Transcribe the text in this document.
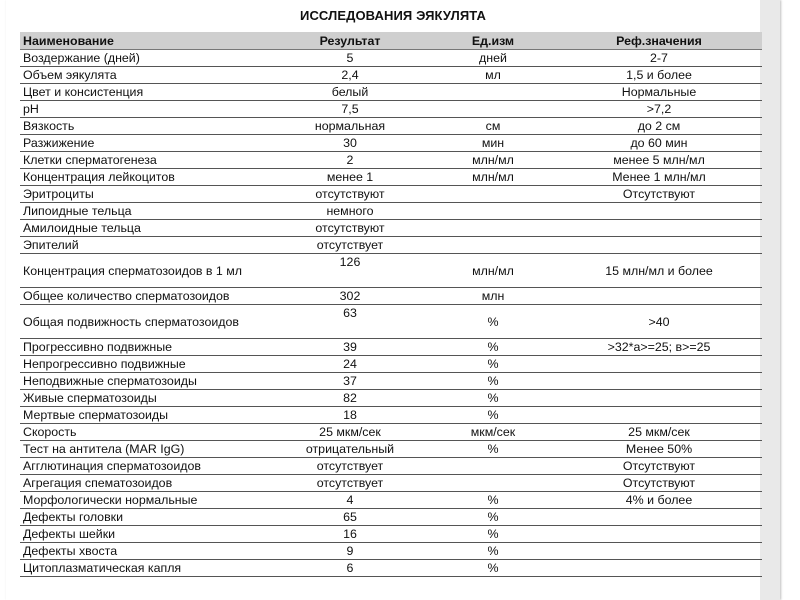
ИССЛЕДОВАНИЯ ЭЯКУЛЯТА
Наименование	Результат	Ед.изм	Реф.значения
Воздержание (дней)	5	дней	2-7
Объем эякулята	2,4	мл	1,5 и более
Цвет и консистенция	белый		Нормальные
pH	7,5		>7,2
Вязкость	нормальная	см	до 2 см
Разжижение	30	мин	до 60 мин
Клетки сперматогенеза	2	млн/мл	менее 5 млн/мл
Концентрация лейкоцитов	менее 1	млн/мл	Менее 1 млн/мл
Эритроциты	отсутствуют		Отсутствуют
Липоидные тельца	немного		
Амилоидные тельца	отсутствуют		
Эпителий	отсутствует		
Концентрация сперматозоидов в 1 мл	126	млн/мл	15 млн/мл и более
Общее количество сперматозоидов	302	млн	
Общая подвижность сперматозоидов	63	%	>40
Прогрессивно подвижные	39	%	>32*а>=25; в>=25
Непрогрессивно подвижные	24	%	
Неподвижные сперматозоиды	37	%	
Живые сперматозоиды	82	%	
Мертвые сперматозоиды	18	%	
Скорость	25 мкм/сек	мкм/сек	25 мкм/сек
Тест на антитела (MAR IgG)	отрицательный	%	Менее 50%
Агглютинация сперматозоидов	отсутствует		Отсутствуют
Агрегация спематозоидов	отсутствует		Отсутствуют
Морфологически нормальные	4	%	4% и более
Дефекты головки	65	%	
Дефекты шейки	16	%	
Дефекты хвоста	9	%	
Цитоплазматическая капля	6	%	
